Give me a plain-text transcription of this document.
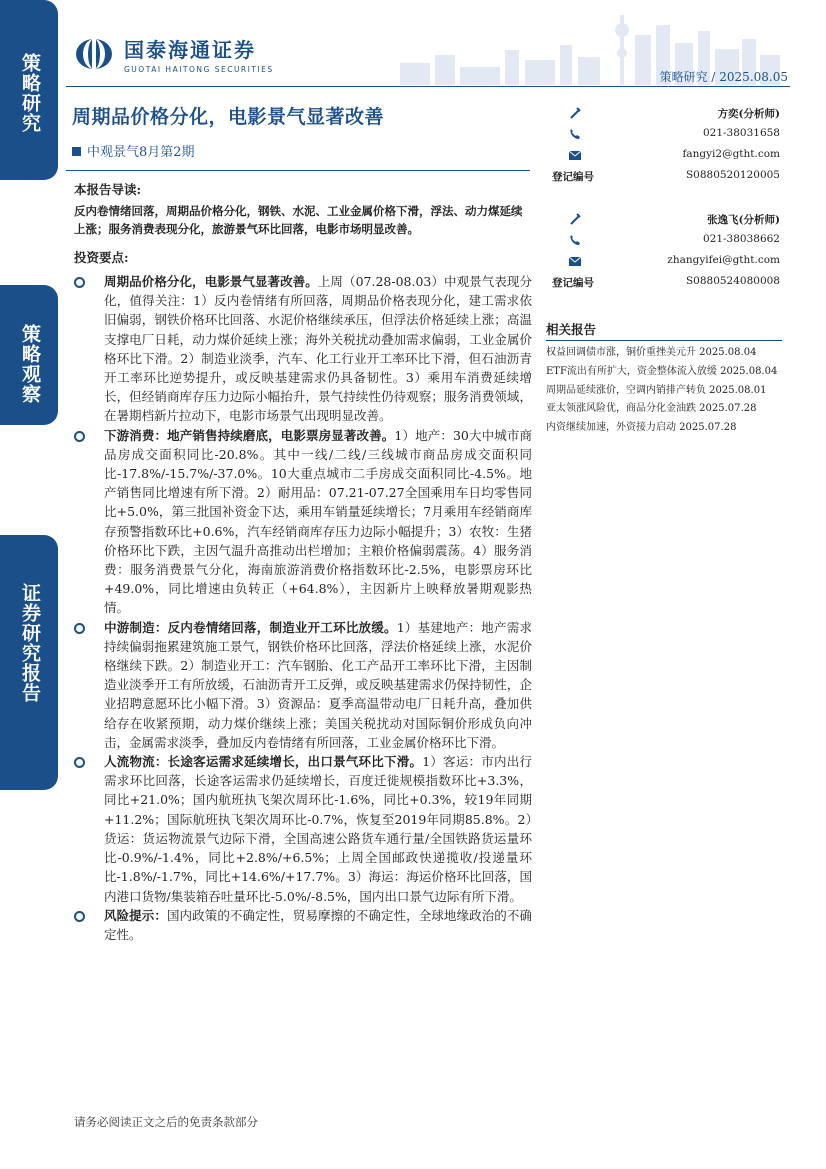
策略研究
策略观察
证券研究报告
国泰海通证券
GUOTAI HAITONG SECURITIES
策略研究 / 2025.08.05
周期品价格分化，电影景气显著改善
中观景气8月第2期
本报告导读:
反内卷情绪回落，周期品价格分化，钢铁、水泥、工业金属价格下滑，浮法、动力煤延续上涨；服务消费表现分化，旅游景气环比回落，电影市场明显改善。
投资要点:
周期品价格分化，电影景气显著改善。上周（07.28-08.03）中观景气表现分化，值得关注：1）反内卷情绪有所回落，周期品价格表现分化，建工需求依旧偏弱，钢铁价格环比回落、水泥价格继续承压，但浮法价格延续上涨；高温支撑电厂日耗，动力煤价延续上涨；海外关税扰动叠加需求偏弱，工业金属价格环比下滑。2）制造业淡季，汽车、化工行业开工率环比下滑，但石油沥青开工率环比逆势提升，或反映基建需求仍具备韧性。3）乘用车消费延续增长，但经销商库存压力边际小幅抬升，景气持续性仍待观察；服务消费领域，在暑期档新片拉动下，电影市场景气出现明显改善。
下游消费：地产销售持续磨底，电影票房显著改善。1）地产：30大中城市商品房成交面积同比-20.8%。其中一线/二线/三线城市商品房成交面积同比-17.8%/-15.7%/-37.0%。10大重点城市二手房成交面积同比-4.5%。地产销售同比增速有所下滑。2）耐用品：07.21-07.27全国乘用车日均零售同比+5.0%，第三批国补资金下达，乘用车销量延续增长；7月乘用车经销商库存预警指数环比+0.6%，汽车经销商库存压力边际小幅提升；3）农牧：生猪价格环比下跌，主因气温升高推动出栏增加；主粮价格偏弱震荡。4）服务消费：服务消费景气分化，海南旅游消费价格指数环比-2.5%，电影票房环比+49.0%，同比增速由负转正（+64.8%），主因新片上映释放暑期观影热情。
中游制造：反内卷情绪回落，制造业开工环比放缓。1）基建地产：地产需求持续偏弱拖累建筑施工景气，钢铁价格环比回落，浮法价格延续上涨，水泥价格继续下跌。2）制造业开工：汽车钢胎、化工产品开工率环比下滑，主因制造业淡季开工有所放缓，石油沥青开工反弹，或反映基建需求仍保持韧性，企业招聘意愿环比小幅下滑。3）资源品：夏季高温带动电厂日耗升高，叠加供给存在收紧预期，动力煤价继续上涨；美国关税扰动对国际铜价形成负向冲击，金属需求淡季，叠加反内卷情绪有所回落，工业金属价格环比下滑。
人流物流：长途客运需求延续增长，出口景气环比下滑。1）客运：市内出行需求环比回落，长途客运需求仍延续增长，百度迁徙规模指数环比+3.3%，同比+21.0%；国内航班执飞架次周环比-1.6%，同比+0.3%，较19年同期+11.2%；国际航班执飞架次周环比-0.7%，恢复至2019年同期85.8%。2）货运：货运物流景气边际下滑，全国高速公路货车通行量/全国铁路货运量环比-0.9%/-1.4%，同比+2.8%/+6.5%；上周全国邮政快递揽收/投递量环比-1.8%/-1.7%，同比+14.6%/+17.7%。3）海运：海运价格环比回落，国内港口货物/集装箱吞吐量环比-5.0%/-8.5%，国内出口景气边际有所下滑。
风险提示：国内政策的不确定性，贸易摩擦的不确定性，全球地缘政治的不确定性。
方奕(分析师)
021-38031658
fangyi2@gtht.com
登记编号	S0880520120005
张逸飞(分析师)
021-38038662
zhangyifei@gtht.com
登记编号	S0880524080008
相关报告
权益回调债市涨，铜价重挫美元升 2025.08.04
ETF流出有所扩大，资金整体流入放缓 2025.08.04
周期品延续涨价，空调内销排产转负 2025.08.01
亚太领涨风险优，商品分化金油跌 2025.07.28
内资继续加速，外资接力启动 2025.07.28
请务必阅读正文之后的免责条款部分
